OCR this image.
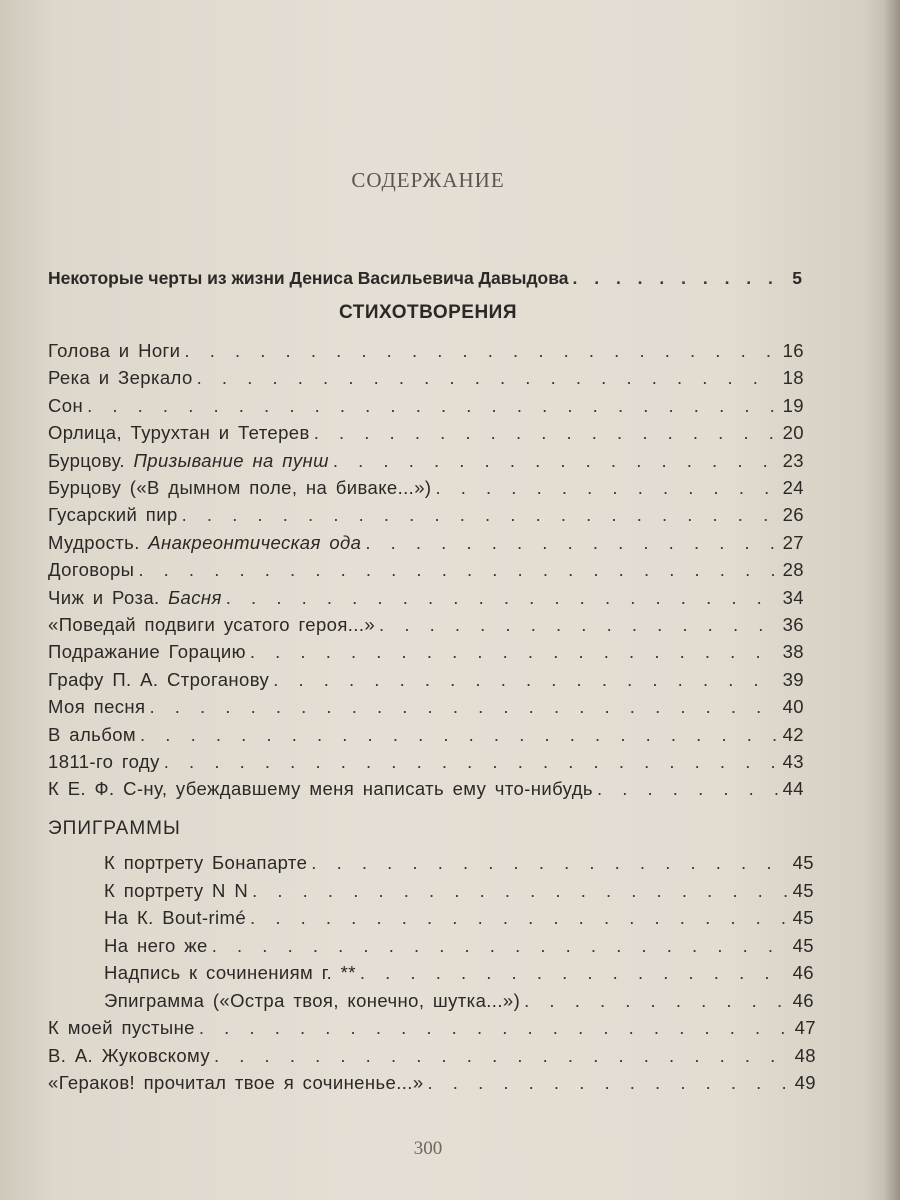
СОДЕРЖАНИЕ
Некоторые черты из жизни Дениса Васильевича Давыдова . . .	5
СТИХОТВОРЕНИЯ
Голова и Ноги . . .	16
Река и Зеркало . . .	18
Сон . . .	19
Орлица, Турухтан и Тетерев . . .	20
Бурцову. Призывание на пунш . . .	23
Бурцову («В дымном поле, на биваке...») . . .	24
Гусарский пир . . .	26
Мудрость. Анакреонтическая ода . . .	27
Договоры . . .	28
Чиж и Роза. Басня . . .	34
«Поведай подвиги усатого героя...» . . .	36
Подражание Горацию . . .	38
Графу П. А. Строганову . . .	39
Моя песня . . .	40
В альбом . . .	42
1811-го году . . .	43
К Е. Ф. С-ну, убеждавшему меня написать ему что-нибудь . . .	44
К портрету Бонапарте . . .	45
К портрету N N . . .	45
На К. Bout-rimé . . .	45
На него же . . .	45
Надпись к сочинениям г. ** . . .	46
Эпиграмма («Остра твоя, конечно, шутка...») . . .	46
К моей пустыне . . .	47
В. А. Жуковскому . . .	48
«Гераков! прочитал твое я сочиненье...» . . .	49
ЭПИГРАММЫ
300
